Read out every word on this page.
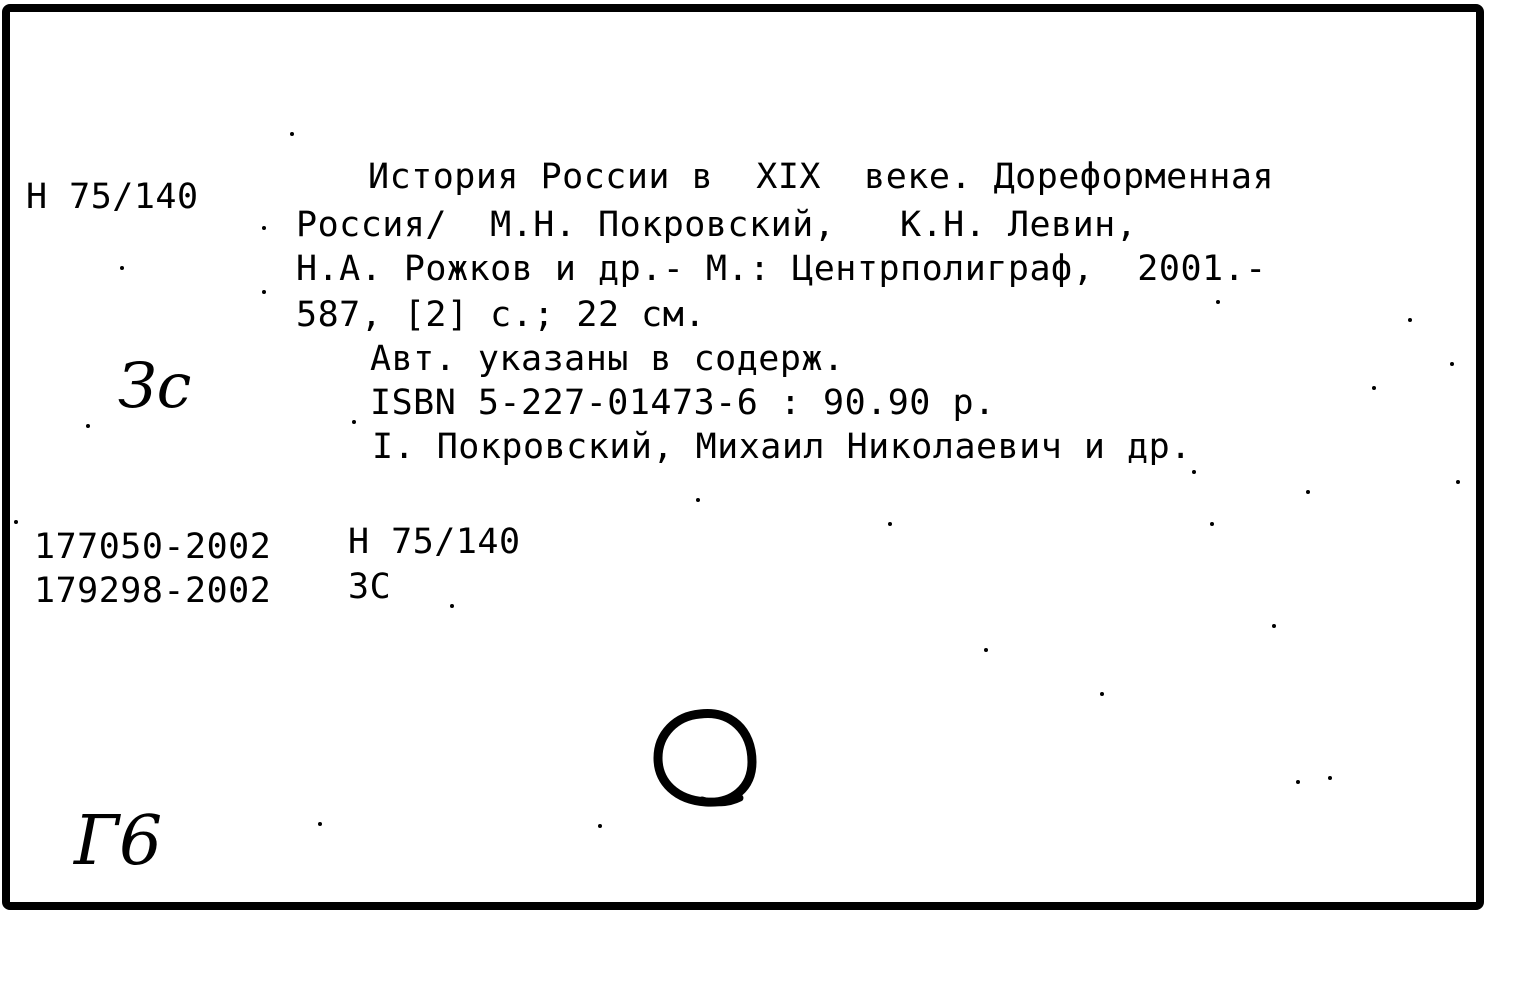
Н 75/140	История России в  XIX  веке. Дореформенная
Россия/  М.Н. Покровский,   К.Н. Левин,
Н.А. Рожков и др.- М.: Центрполиграф,  2001.-
587, [2] с.; 22 см.
Авт. указаны в содерж.
ISBN 5-227-01473-6 : 90.90 р.
I. Покровский, Михаил Николаевич и др.
177050-2002 Н 75/140
179298-2002 ЗС
Зс
Г6
